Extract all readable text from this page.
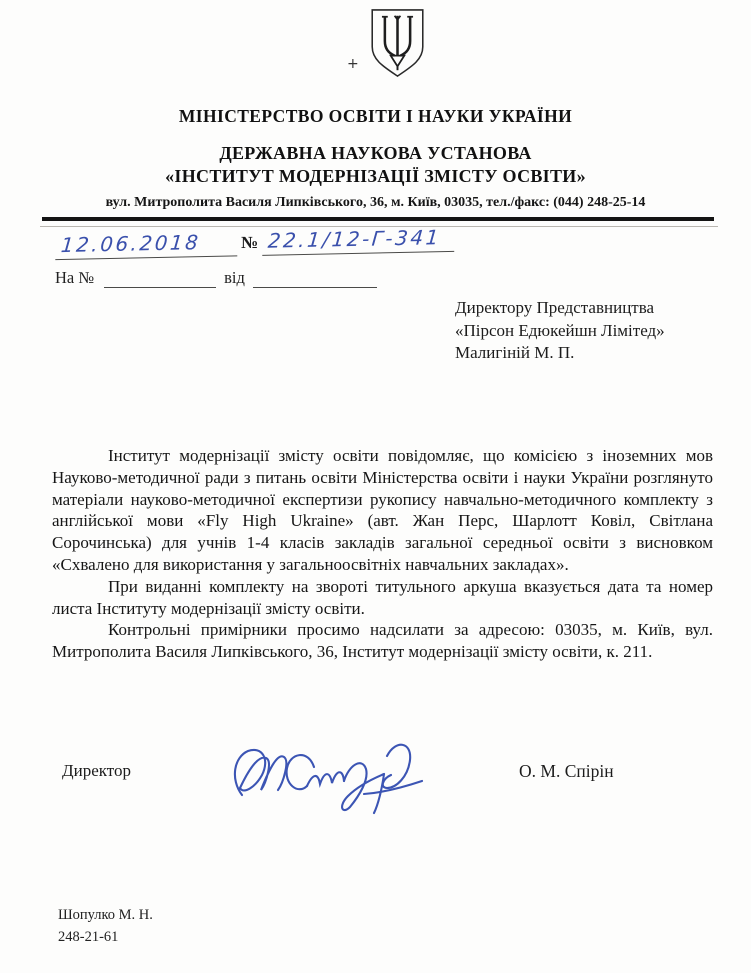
+
МІНІСТЕРСТВО ОСВІТИ І НАУКИ УКРАЇНИ
ДЕРЖАВНА НАУКОВА УСТАНОВА
«ІНСТИТУТ МОДЕРНІЗАЦІЇ ЗМІСТУ ОСВІТИ»
вул. Митрополита Василя Липківського, 36, м. Київ, 03035, тел./факс: (044) 248-25-14
12.06.2018 № 22.1/12-Г-341
На №	від
Директору Представництва
«Пірсон Едюкейшн Лімітед»
Малигіній М. П.

Інститут модернізації змісту освіти повідомляє, що комісією з іноземних мов Науково-методичної ради з питань освіти Міністерства освіти і науки України розглянуто матеріали науково-методичної експертизи рукопису навчально-методичного комплекту з англійської мови «Fly High Ukraine» (авт. Жан Перс, Шарлотт Ковіл, Світлана Сорочинська) для учнів 1-4 класів закладів загальної середньої освіти з висновком «Схвалено для використання у загальноосвітніх навчальних закладах».

При виданні комплекту на звороті титульного аркуша вказується дата та номер листа Інституту модернізації змісту освіти.

Контрольні примірники просимо надсилати за адресою: 03035, м. Київ, вул. Митрополита Василя Липківського, 36, Інститут модернізації змісту освіти, к. 211.

Директор	О. М. Спірін
Шопулко М. Н.
248-21-61
